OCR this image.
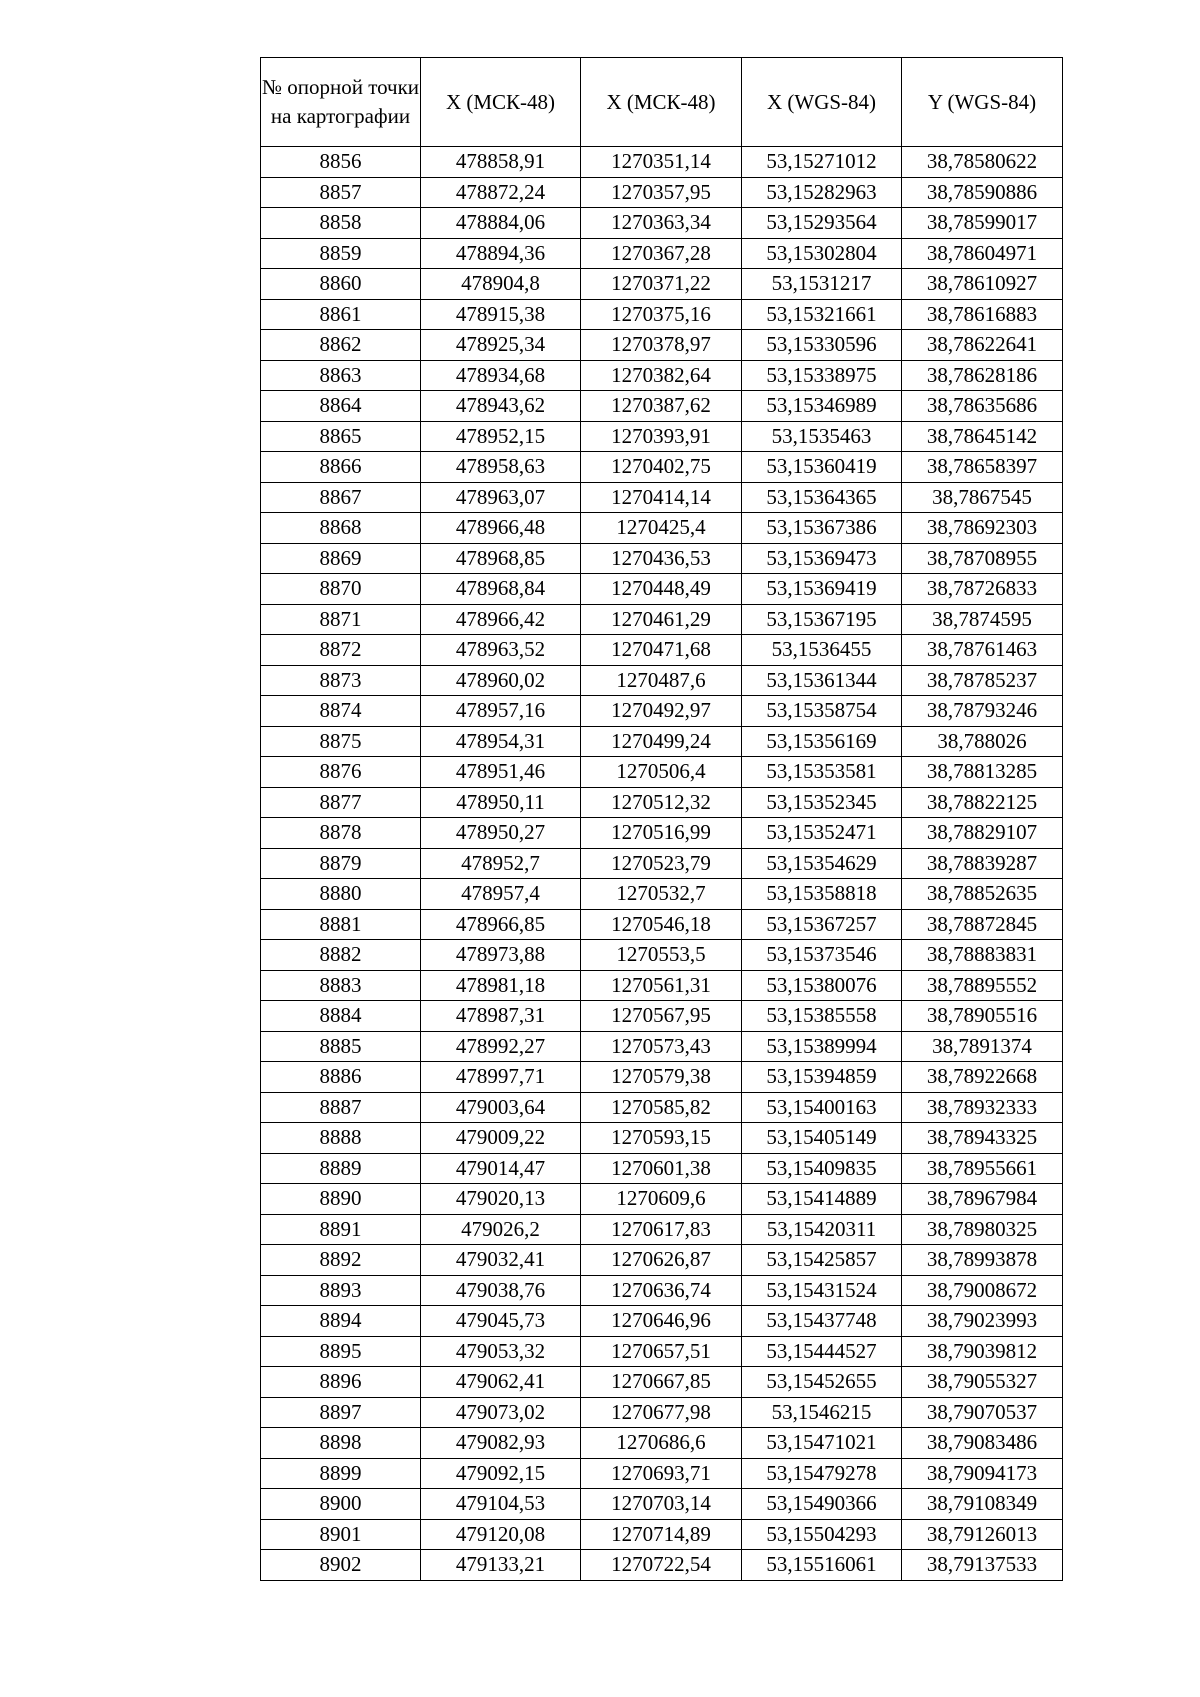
№ опорной точки на картографии	X (МСК-48)	X (МСК-48)	X (WGS-84)	Y (WGS-84)
8856	478858,91	1270351,14	53,15271012	38,78580622
8857	478872,24	1270357,95	53,15282963	38,78590886
8858	478884,06	1270363,34	53,15293564	38,78599017
8859	478894,36	1270367,28	53,15302804	38,78604971
8860	478904,8	1270371,22	53,1531217	38,78610927
8861	478915,38	1270375,16	53,15321661	38,78616883
8862	478925,34	1270378,97	53,15330596	38,78622641
8863	478934,68	1270382,64	53,15338975	38,78628186
8864	478943,62	1270387,62	53,15346989	38,78635686
8865	478952,15	1270393,91	53,1535463	38,78645142
8866	478958,63	1270402,75	53,15360419	38,78658397
8867	478963,07	1270414,14	53,15364365	38,7867545
8868	478966,48	1270425,4	53,15367386	38,78692303
8869	478968,85	1270436,53	53,15369473	38,78708955
8870	478968,84	1270448,49	53,15369419	38,78726833
8871	478966,42	1270461,29	53,15367195	38,7874595
8872	478963,52	1270471,68	53,1536455	38,78761463
8873	478960,02	1270487,6	53,15361344	38,78785237
8874	478957,16	1270492,97	53,15358754	38,78793246
8875	478954,31	1270499,24	53,15356169	38,788026
8876	478951,46	1270506,4	53,15353581	38,78813285
8877	478950,11	1270512,32	53,15352345	38,78822125
8878	478950,27	1270516,99	53,15352471	38,78829107
8879	478952,7	1270523,79	53,15354629	38,78839287
8880	478957,4	1270532,7	53,15358818	38,78852635
8881	478966,85	1270546,18	53,15367257	38,78872845
8882	478973,88	1270553,5	53,15373546	38,78883831
8883	478981,18	1270561,31	53,15380076	38,78895552
8884	478987,31	1270567,95	53,15385558	38,78905516
8885	478992,27	1270573,43	53,15389994	38,7891374
8886	478997,71	1270579,38	53,15394859	38,78922668
8887	479003,64	1270585,82	53,15400163	38,78932333
8888	479009,22	1270593,15	53,15405149	38,78943325
8889	479014,47	1270601,38	53,15409835	38,78955661
8890	479020,13	1270609,6	53,15414889	38,78967984
8891	479026,2	1270617,83	53,15420311	38,78980325
8892	479032,41	1270626,87	53,15425857	38,78993878
8893	479038,76	1270636,74	53,15431524	38,79008672
8894	479045,73	1270646,96	53,15437748	38,79023993
8895	479053,32	1270657,51	53,15444527	38,79039812
8896	479062,41	1270667,85	53,15452655	38,79055327
8897	479073,02	1270677,98	53,1546215	38,79070537
8898	479082,93	1270686,6	53,15471021	38,79083486
8899	479092,15	1270693,71	53,15479278	38,79094173
8900	479104,53	1270703,14	53,15490366	38,79108349
8901	479120,08	1270714,89	53,15504293	38,79126013
8902	479133,21	1270722,54	53,15516061	38,79137533
